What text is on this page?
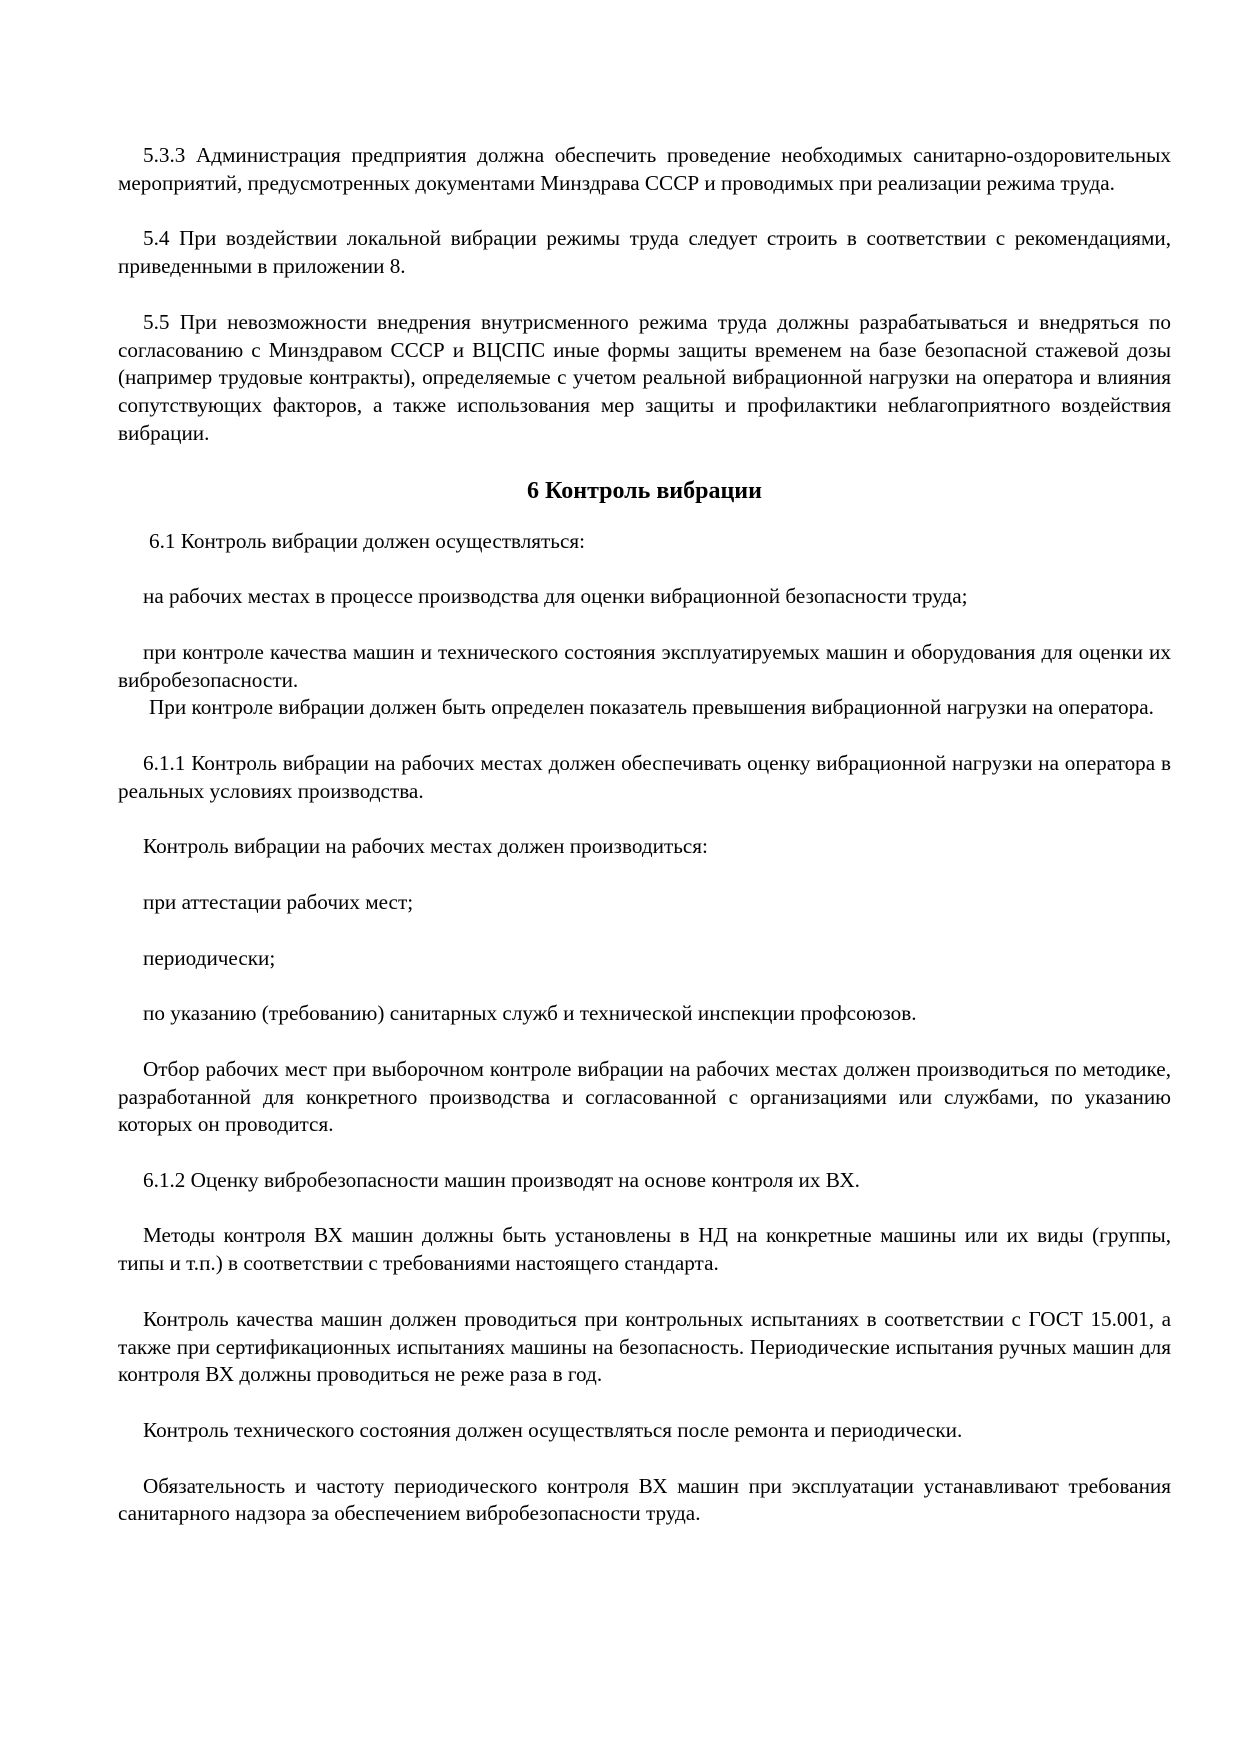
5.3.3 Администрация предприятия должна обеспечить проведение необходимых санитарно-оздоровительных мероприятий, предусмотренных документами Минздрава СССР и проводимых при реализации режима труда.

5.4 При воздействии локальной вибрации режимы труда следует строить в соответствии с рекомендациями, приведенными в приложении 8.

5.5 При невозможности внедрения внутрисменного режима труда должны разрабатываться и внедряться по согласованию с Минздравом СССР и ВЦСПС иные формы защиты временем на базе безопасной стажевой дозы (например трудовые контракты), определяемые с учетом реальной вибрационной нагрузки на оператора и влияния сопутствующих факторов, а также использования мер защиты и профилактики неблагоприятного воздействия вибрации.

6 Контроль вибрации

6.1 Контроль вибрации должен осуществляться:

на рабочих местах в процессе производства для оценки вибрационной безопасности труда;

при контроле качества машин и технического состояния эксплуатируемых машин и оборудования для оценки их вибробезопасности.

При контроле вибрации должен быть определен показатель превышения вибрационной нагрузки на оператора.

6.1.1 Контроль вибрации на рабочих местах должен обеспечивать оценку вибрационной нагрузки на оператора в реальных условиях производства.

Контроль вибрации на рабочих местах должен производиться:

при аттестации рабочих мест;

периодически;

по указанию (требованию) санитарных служб и технической инспекции профсоюзов.

Отбор рабочих мест при выборочном контроле вибрации на рабочих местах должен производиться по методике, разработанной для конкретного производства и согласованной с организациями или службами, по указанию которых он проводится.

6.1.2 Оценку вибробезопасности машин производят на основе контроля их ВХ.

Методы контроля ВХ машин должны быть установлены в НД на конкретные машины или их виды (группы, типы и т.п.) в соответствии с требованиями настоящего стандарта.

Контроль качества машин должен проводиться при контрольных испытаниях в соответствии с ГОСТ 15.001, а также при сертификационных испытаниях машины на безопасность. Периодические испытания ручных машин для контроля ВХ должны проводиться не реже раза в год.

Контроль технического состояния должен осуществляться после ремонта и периодически.

Обязательность и частоту периодического контроля ВХ машин при эксплуатации устанавливают требования санитарного надзора за обеспечением вибробезопасности труда.
